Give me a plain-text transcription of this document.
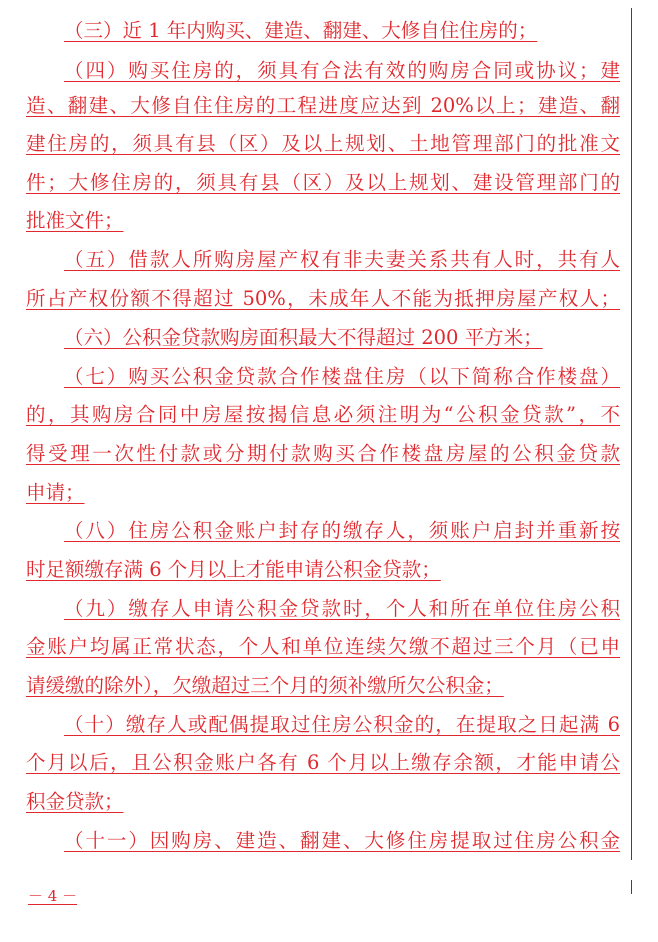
（三）近 1 年内购买、建造、翻建、大修自住住房的；
（四）购买住房的，须具有合法有效的购房合同或协议；建
造、翻建、大修自住住房的工程进度应达到 20%以上；建造、翻
建住房的，须具有县（区）及以上规划、土地管理部门的批准文
件；大修住房的，须具有县（区）及以上规划、建设管理部门的
批准文件；
（五）借款人所购房屋产权有非夫妻关系共有人时，共有人
所占产权份额不得超过 50%，未成年人不能为抵押房屋产权人；
（六）公积金贷款购房面积最大不得超过 200 平方米；
（七）购买公积金贷款合作楼盘住房（以下简称合作楼盘）
的，其购房合同中房屋按揭信息必须注明为“公积金贷款”，不
得受理一次性付款或分期付款购买合作楼盘房屋的公积金贷款
申请；
（八）住房公积金账户封存的缴存人，须账户启封并重新按
时足额缴存满 6 个月以上才能申请公积金贷款；
（九）缴存人申请公积金贷款时，个人和所在单位住房公积
金账户均属正常状态，个人和单位连续欠缴不超过三个月（已申
请缓缴的除外），欠缴超过三个月的须补缴所欠公积金；
（十）缴存人或配偶提取过住房公积金的，在提取之日起满 6
个月以后，且公积金账户各有 6 个月以上缴存余额，才能申请公
积金贷款；
（十一）因购房、建造、翻建、大修住房提取过住房公积金
－ 4 －
